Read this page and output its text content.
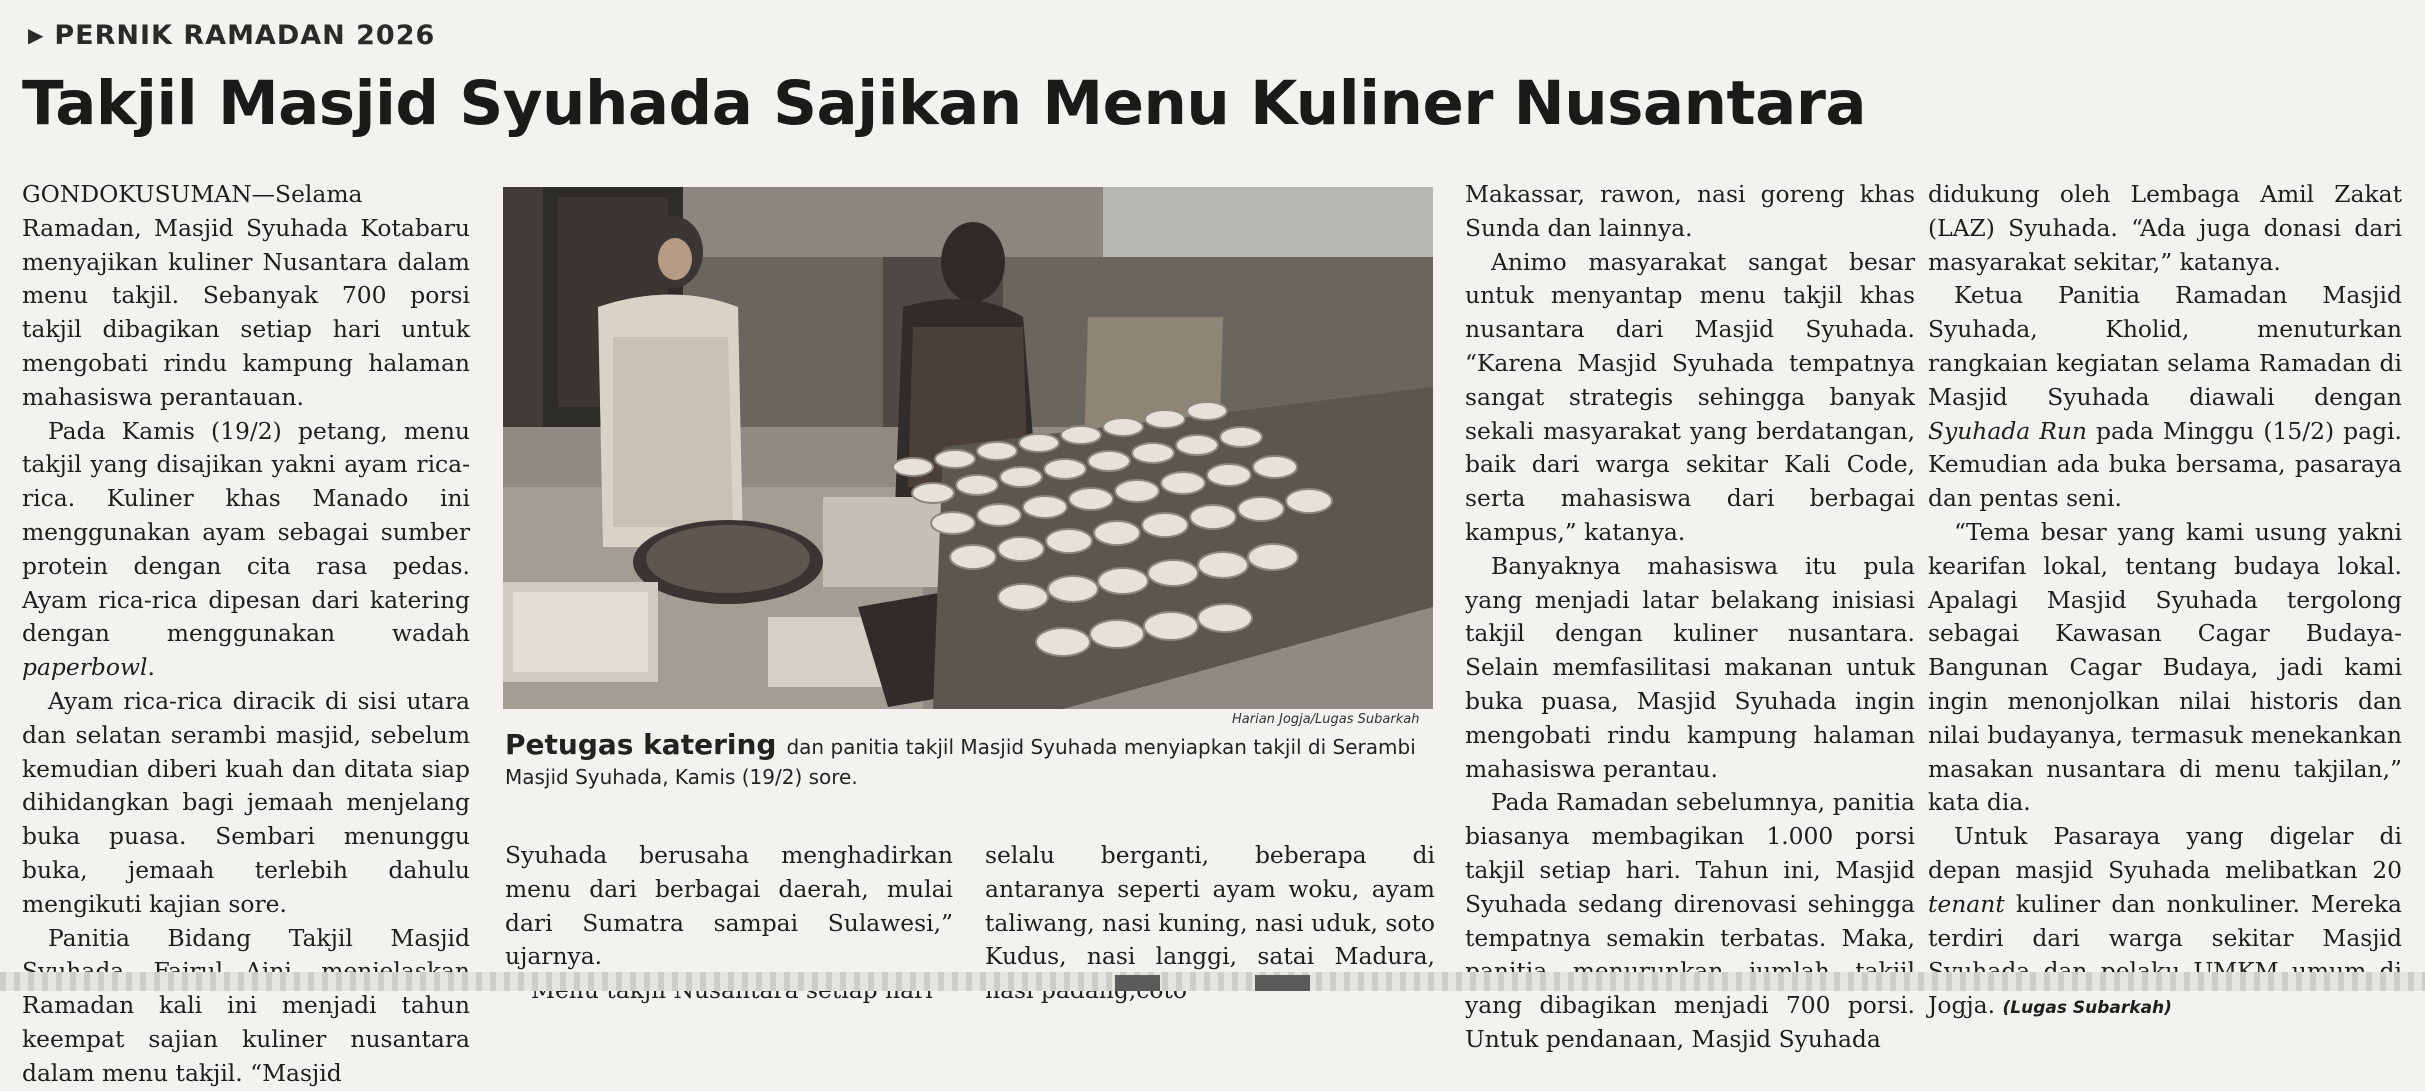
▶ PERNIK RAMADAN 2026
Takjil Masjid Syuhada Sajikan Menu Kuliner Nusantara

GONDOKUSUMAN—Selama Ramadan, Masjid Syuhada Kotabaru menyajikan kuliner Nusantara dalam menu takjil. Sebanyak 700 porsi takjil dibagikan setiap hari untuk mengobati rindu kampung halaman mahasiswa perantauan.

Pada Kamis (19/2) petang, menu takjil yang disajikan yakni ayam rica-rica. Kuliner khas Manado ini menggunakan ayam sebagai sumber protein dengan cita rasa pedas. Ayam rica-rica dipesan dari katering dengan menggunakan wadah paperbowl.

Ayam rica-rica diracik di sisi utara dan selatan serambi masjid, sebelum kemudian diberi kuah dan ditata siap dihidangkan bagi jemaah menjelang buka puasa. Sembari menunggu buka, jemaah terlebih dahulu mengikuti kajian sore.

Panitia Bidang Takjil Masjid Ramadan kali ini menjadi tahun keempat sajian kuliner nusantara dalam menu takjil. “Masjid

Harian Jogja/Lugas Subarkah
Petugas katering dan panitia takjil Masjid Syuhada menyiapkan takjil di Serambi Masjid Syuhada, Kamis (19/2) sore.

Syuhada berusaha menghadirkan menu dari berbagai daerah, mulai dari Sumatra sampai Sulawesi,” ujarnya.

selalu berganti, beberapa di antaranya seperti ayam woku, ayam taliwang, nasi kuning, nasi uduk, soto Kudus, nasi langgi, satai Madura,

Makassar, rawon, nasi goreng khas Sunda dan lainnya.

Animo masyarakat sangat besar untuk menyantap menu takjil khas nusantara dari Masjid Syuhada. “Karena Masjid Syuhada tempatnya sangat strategis sehingga banyak sekali masyarakat yang berdatangan, baik dari warga sekitar Kali Code, serta mahasiswa dari berbagai kampus,” katanya.

Banyaknya mahasiswa itu pula yang menjadi latar belakang inisiasi takjil dengan kuliner nusantara. Selain memfasilitasi makanan untuk buka puasa, Masjid Syuhada ingin mengobati rindu kampung halaman mahasiswa perantau.

Pada Ramadan sebelumnya, panitia biasanya membagikan 1.000 porsi takjil setiap hari. Tahun ini, Masjid Syuhada sedang direnovasi sehingga tempatnya semakin terbatas. Maka, yang dibagikan menjadi 700 porsi. Untuk pendanaan, Masjid Syuhada

didukung oleh Lembaga Amil Zakat (LAZ) Syuhada. “Ada juga donasi dari masyarakat sekitar,” katanya.

Ketua Panitia Ramadan Masjid Syuhada, Kholid, menuturkan rangkaian kegiatan selama Ramadan di Masjid Syuhada diawali dengan Syuhada Run pada Minggu (15/2) pagi. Kemudian ada buka bersama, pasaraya dan pentas seni.

“Tema besar yang kami usung yakni kearifan lokal, tentang budaya lokal. Apalagi Masjid Syuhada tergolong sebagai Kawasan Cagar Budaya-Bangunan Cagar Budaya, jadi kami ingin menonjolkan nilai historis dan nilai budayanya, termasuk menekankan masakan nusantara di menu takjilan,” kata dia.

Untuk Pasaraya yang digelar di depan masjid Syuhada melibatkan 20 tenant kuliner dan nonkuliner. Mereka terdiri dari warga sekitar Masjid Jogja. (Lugas Subarkah)
